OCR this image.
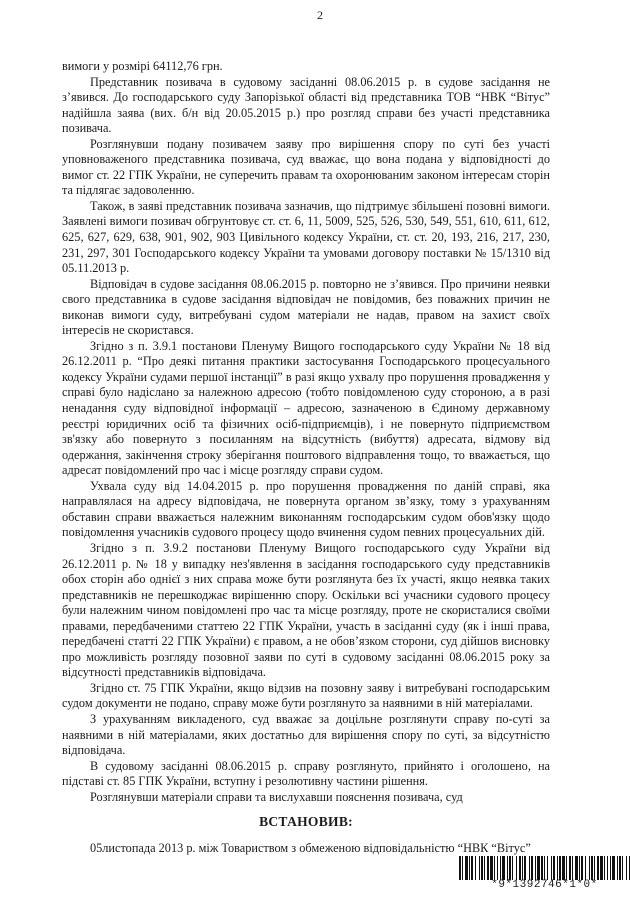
2

вимоги у розмірі 64112,76 грн.

Представник позивача в судовому засіданні 08.06.2015 р. в судове засідання не з’явився. До господарського суду Запорізької області від представника ТОВ “НВК “Вітус” надійшла заява (вих. б/н від 20.05.2015 р.) про розгляд справи без участі представника позивача.

Розглянувши подану позивачем заяву про вирішення спору по суті без участі уповноваженого представника позивача, суд вважає, що вона подана у відповідності до вимог ст. 22 ГПК України, не суперечить правам та охоронюваним законом інтересам сторін та підлягає задоволенню.

Також, в заяві представник позивача зазначив, що підтримує збільшені позовні вимоги. Заявлені вимоги позивач обгрунтовує ст. ст. 6, 11, 5009, 525, 526, 530, 549, 551, 610, 611, 612, 625, 627, 629, 638, 901, 902, 903 Цивільного кодексу України, ст. ст. 20, 193, 216, 217, 230, 231, 297, 301 Господарського кодексу України та умовами договору поставки № 15/1310 від 05.11.2013 р.

Відповідач в судове засідання 08.06.2015 р. повторно не з’явився. Про причини неявки свого представника в судове засідання відповідач не повідомив, без поважних причин не виконав вимоги суду, витребувані судом матеріали не надав, правом на захист своїх інтересів не скористався.

Згідно з п. 3.9.1 постанови Пленуму Вищого господарського суду України № 18 від 26.12.2011 р. “Про деякі питання практики застосування Господарського процесуального кодексу України судами першої інстанції” в разі якщо ухвалу про порушення провадження у справі було надіслано за належною адресою (тобто повідомленою суду стороною, а в разі ненадання суду відповідної інформації – адресою, зазначеною в Єдиному державному реєстрі юридичних осіб та фізичних осіб-підприємців), і не повернуто підприємством зв'язку або повернуто з посиланням на відсутність (вибуття) адресата, відмову від одержання, закінчення строку зберігання поштового відправлення тощо, то вважається, що адресат повідомлений про час і місце розгляду справи судом.

Ухвала суду від 14.04.2015 р. про порушення провадження по даній справі, яка направлялася на адресу відповідача, не повернута органом зв’язку, тому з урахуванням обставин справи вважається належним виконанням господарським судом обов'язку щодо повідомлення учасників судового процесу щодо вчинення судом певних процесуальних дій.

Згідно з п. 3.9.2 постанови Пленуму Вищого господарського суду України від 26.12.2011 р. № 18 у випадку нез'явлення в засідання господарського суду представників обох сторін або однієї з них справа може бути розглянута без їх участі, якщо неявка таких представників не перешкоджає вирішенню спору. Оскільки всі учасники судового процесу були належним чином повідомлені про час та місце розгляду, проте не скористалися своїми правами, передбаченими статтею 22 ГПК України, участь в засіданні суду (як і інші права, передбачені статті 22 ГПК України) є правом, а не обов’язком сторони, суд дійшов висновку про можливість розгляду позовної заяви по суті в судовому засіданні 08.06.2015 року за відсутності представників відповідача.

Згідно ст. 75 ГПК України, якщо відзив на позовну заяву і витребувані господарським судом документи не подано, справу може бути розглянуто за наявними в ній матеріалами.

З урахуванням викладеного, суд вважає за доцільне розглянути справу по-суті за наявними в ній матеріалами, яких достатньо для вирішення спору по суті, за відсутністю відповідача.

В судовому засіданні 08.06.2015 р. справу розглянуто, прийнято і оголошено, на підставі ст. 85 ГПК України, вступну і резолютивну частини рішення.

Розглянувши матеріали справи та вислухавши пояснення позивача, суд

ВСТАНОВИВ:

05листопада 2013 р. між Товариством з обмеженою відповідальністю “НВК “Вітус”

*9*1392746*1*0*
